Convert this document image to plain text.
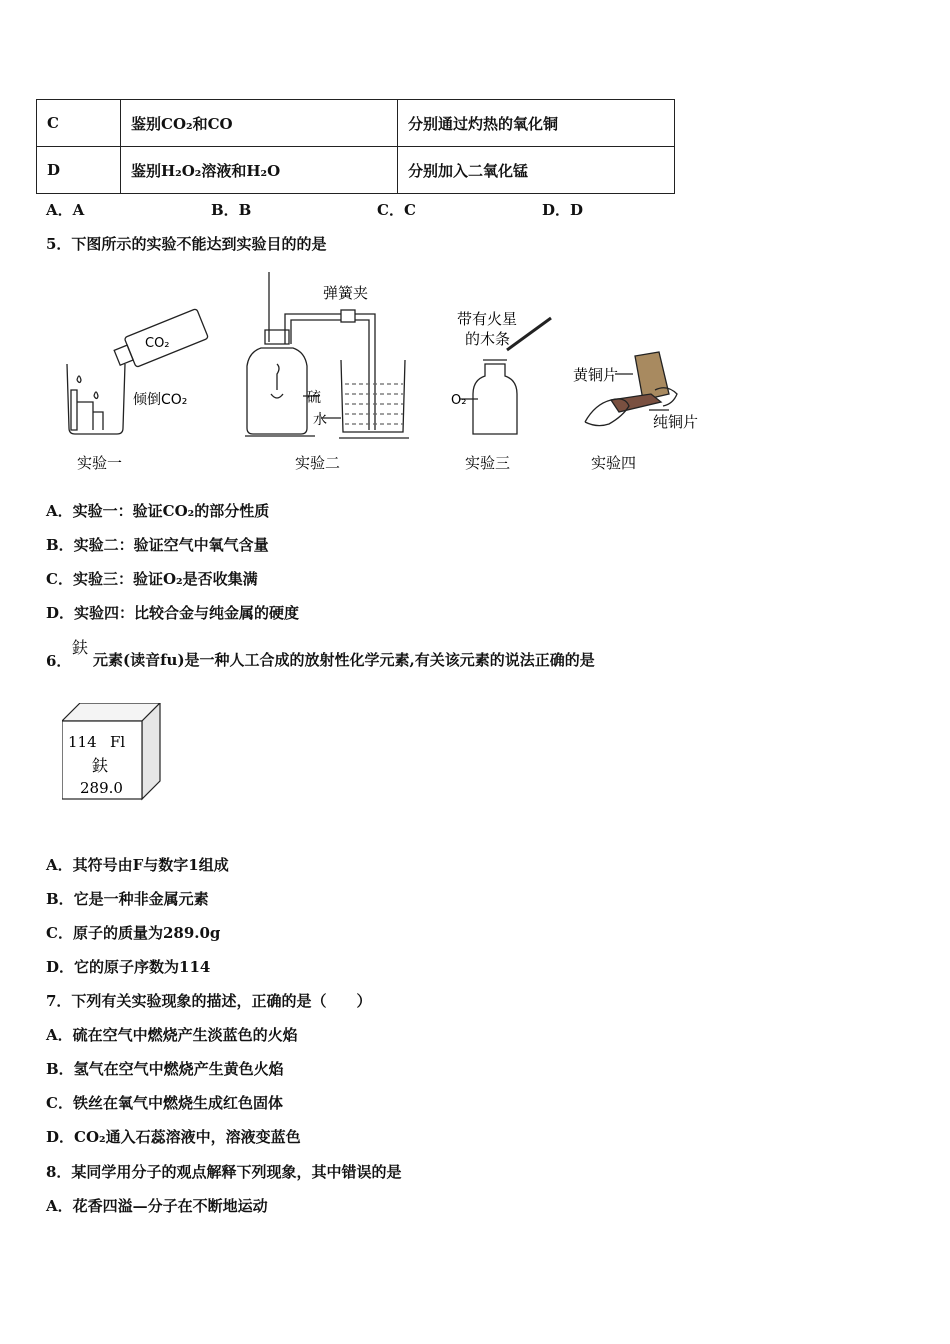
C	鉴别CO₂和CO	分别通过灼热的氧化铜
D	鉴别H₂O₂溶液和H₂O	分别加入二氧化锰
A．A	B．B	C．C	D．D
5．下图所示的实验不能达到实验目的的是
CO₂
倾倒CO₂
弹簧夹
硫
水
带有火星
的木条
O₂
黄铜片
纯铜片
实验一	实验二	实验三	实验四
A．实验一：验证CO₂的部分性质
B．实验二：验证空气中氧气含量
C．实验三：验证O₂是否收集满
D．实验四：比较合金与纯金属的硬度
6．
鈇
元素(读音fu)是一种人工合成的放射性化学元素,有关该元素的说法正确的是
114 Fl
鈇
289.0
A．其符号由F与数字1组成
B．它是一种非金属元素
C．原子的质量为289.0g
D．它的原子序数为114
7．下列有关实验现象的描述，正确的是（　　）
A．硫在空气中燃烧产生淡蓝色的火焰
B．氢气在空气中燃烧产生黄色火焰
C．铁丝在氧气中燃烧生成红色固体
D．CO₂通入石蕊溶液中，溶液变蓝色
8．某同学用分子的观点解释下列现象，其中错误的是
A．花香四溢—分子在不断地运动
